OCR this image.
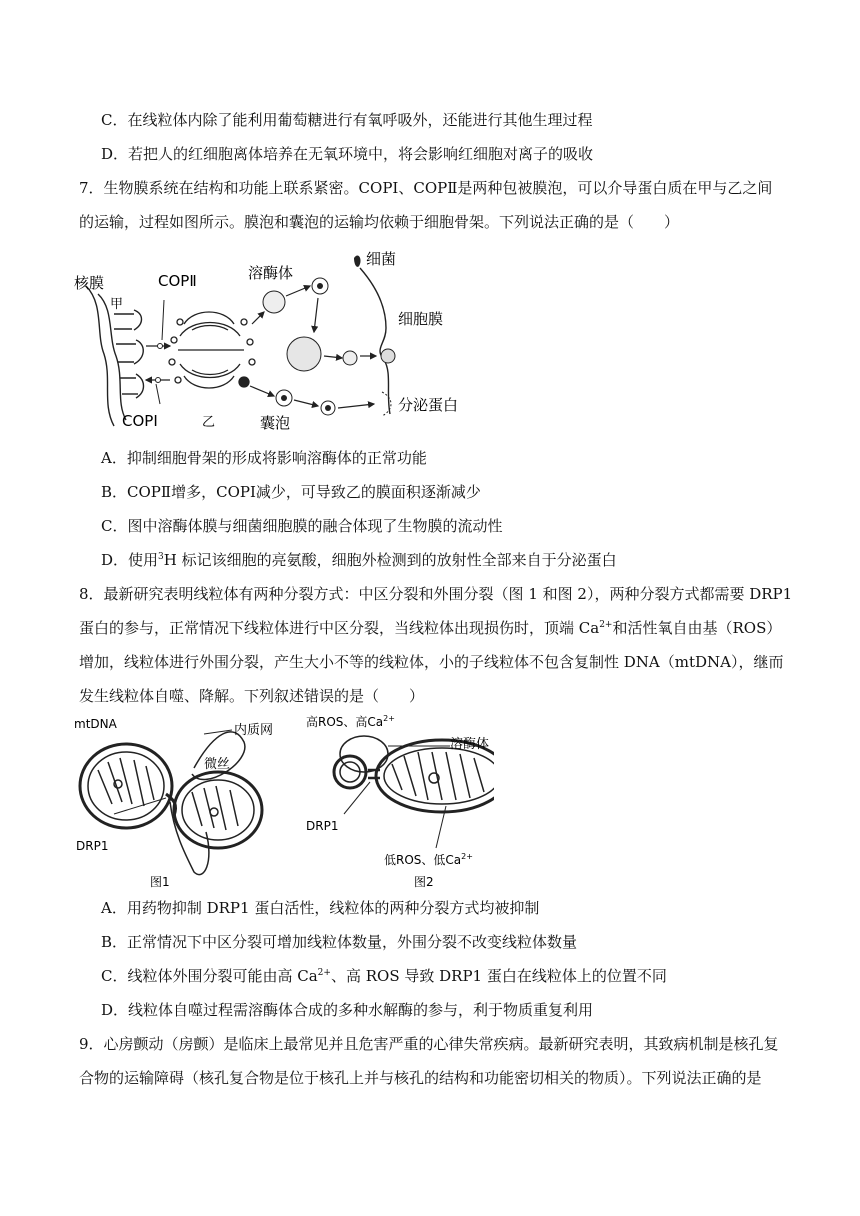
C．在线粒体内除了能利用葡萄糖进行有氧呼吸外，还能进行其他生理过程
D．若把人的红细胞离体培养在无氧环境中，将会影响红细胞对离子的吸收
7．生物膜系统在结构和功能上联系紧密。COPⅠ、COPⅡ是两种包被膜泡，可以介导蛋白质在甲与乙之间
的运输，过程如图所示。膜泡和囊泡的运输均依赖于细胞骨架。下列说法正确的是（　　）
核膜
甲
COPⅡ
COPⅠ	乙
溶酶体
细菌
细胞膜
囊泡
分泌蛋白
A．抑制细胞骨架的形成将影响溶酶体的正常功能
B．COPⅡ增多，COPⅠ减少，可导致乙的膜面积逐渐减少
C．图中溶酶体膜与细菌细胞膜的融合体现了生物膜的流动性
D．使用$^3$H 标记该细胞的亮氨酸，细胞外检测到的放射性全部来自于分泌蛋白
8．最新研究表明线粒体有两种分裂方式：中区分裂和外围分裂（图 1 和图 2），两种分裂方式都需要 DRP1
蛋白的参与，正常情况下线粒体进行中区分裂，当线粒体出现损伤时，顶端 $Ca^{2+}$和活性氧自由基（ROS）
增加，线粒体进行外围分裂，产生大小不等的线粒体，小的子线粒体不包含复制性 DNA（mtDNA），继而
发生线粒体自噬、降解。下列叙述错误的是（　　）
mtDNA	内质网
微丝
DRP1
图1
高ROS、高$Ca^{2+}$
溶酶体
DRP1
低ROS、低$Ca^{2+}$
图2
A．用药物抑制 DRP1 蛋白活性，线粒体的两种分裂方式均被抑制
B．正常情况下中区分裂可增加线粒体数量，外围分裂不改变线粒体数量
C．线粒体外围分裂可能由高 $Ca^{2+}$、高 ROS 导致 DRP1 蛋白在线粒体上的位置不同
D．线粒体自噬过程需溶酶体合成的多种水解酶的参与，利于物质重复利用
9．心房颤动（房颤）是临床上最常见并且危害严重的心律失常疾病。最新研究表明，其致病机制是核孔复
合物的运输障碍（核孔复合物是位于核孔上并与核孔的结构和功能密切相关的物质）。下列说法正确的是
